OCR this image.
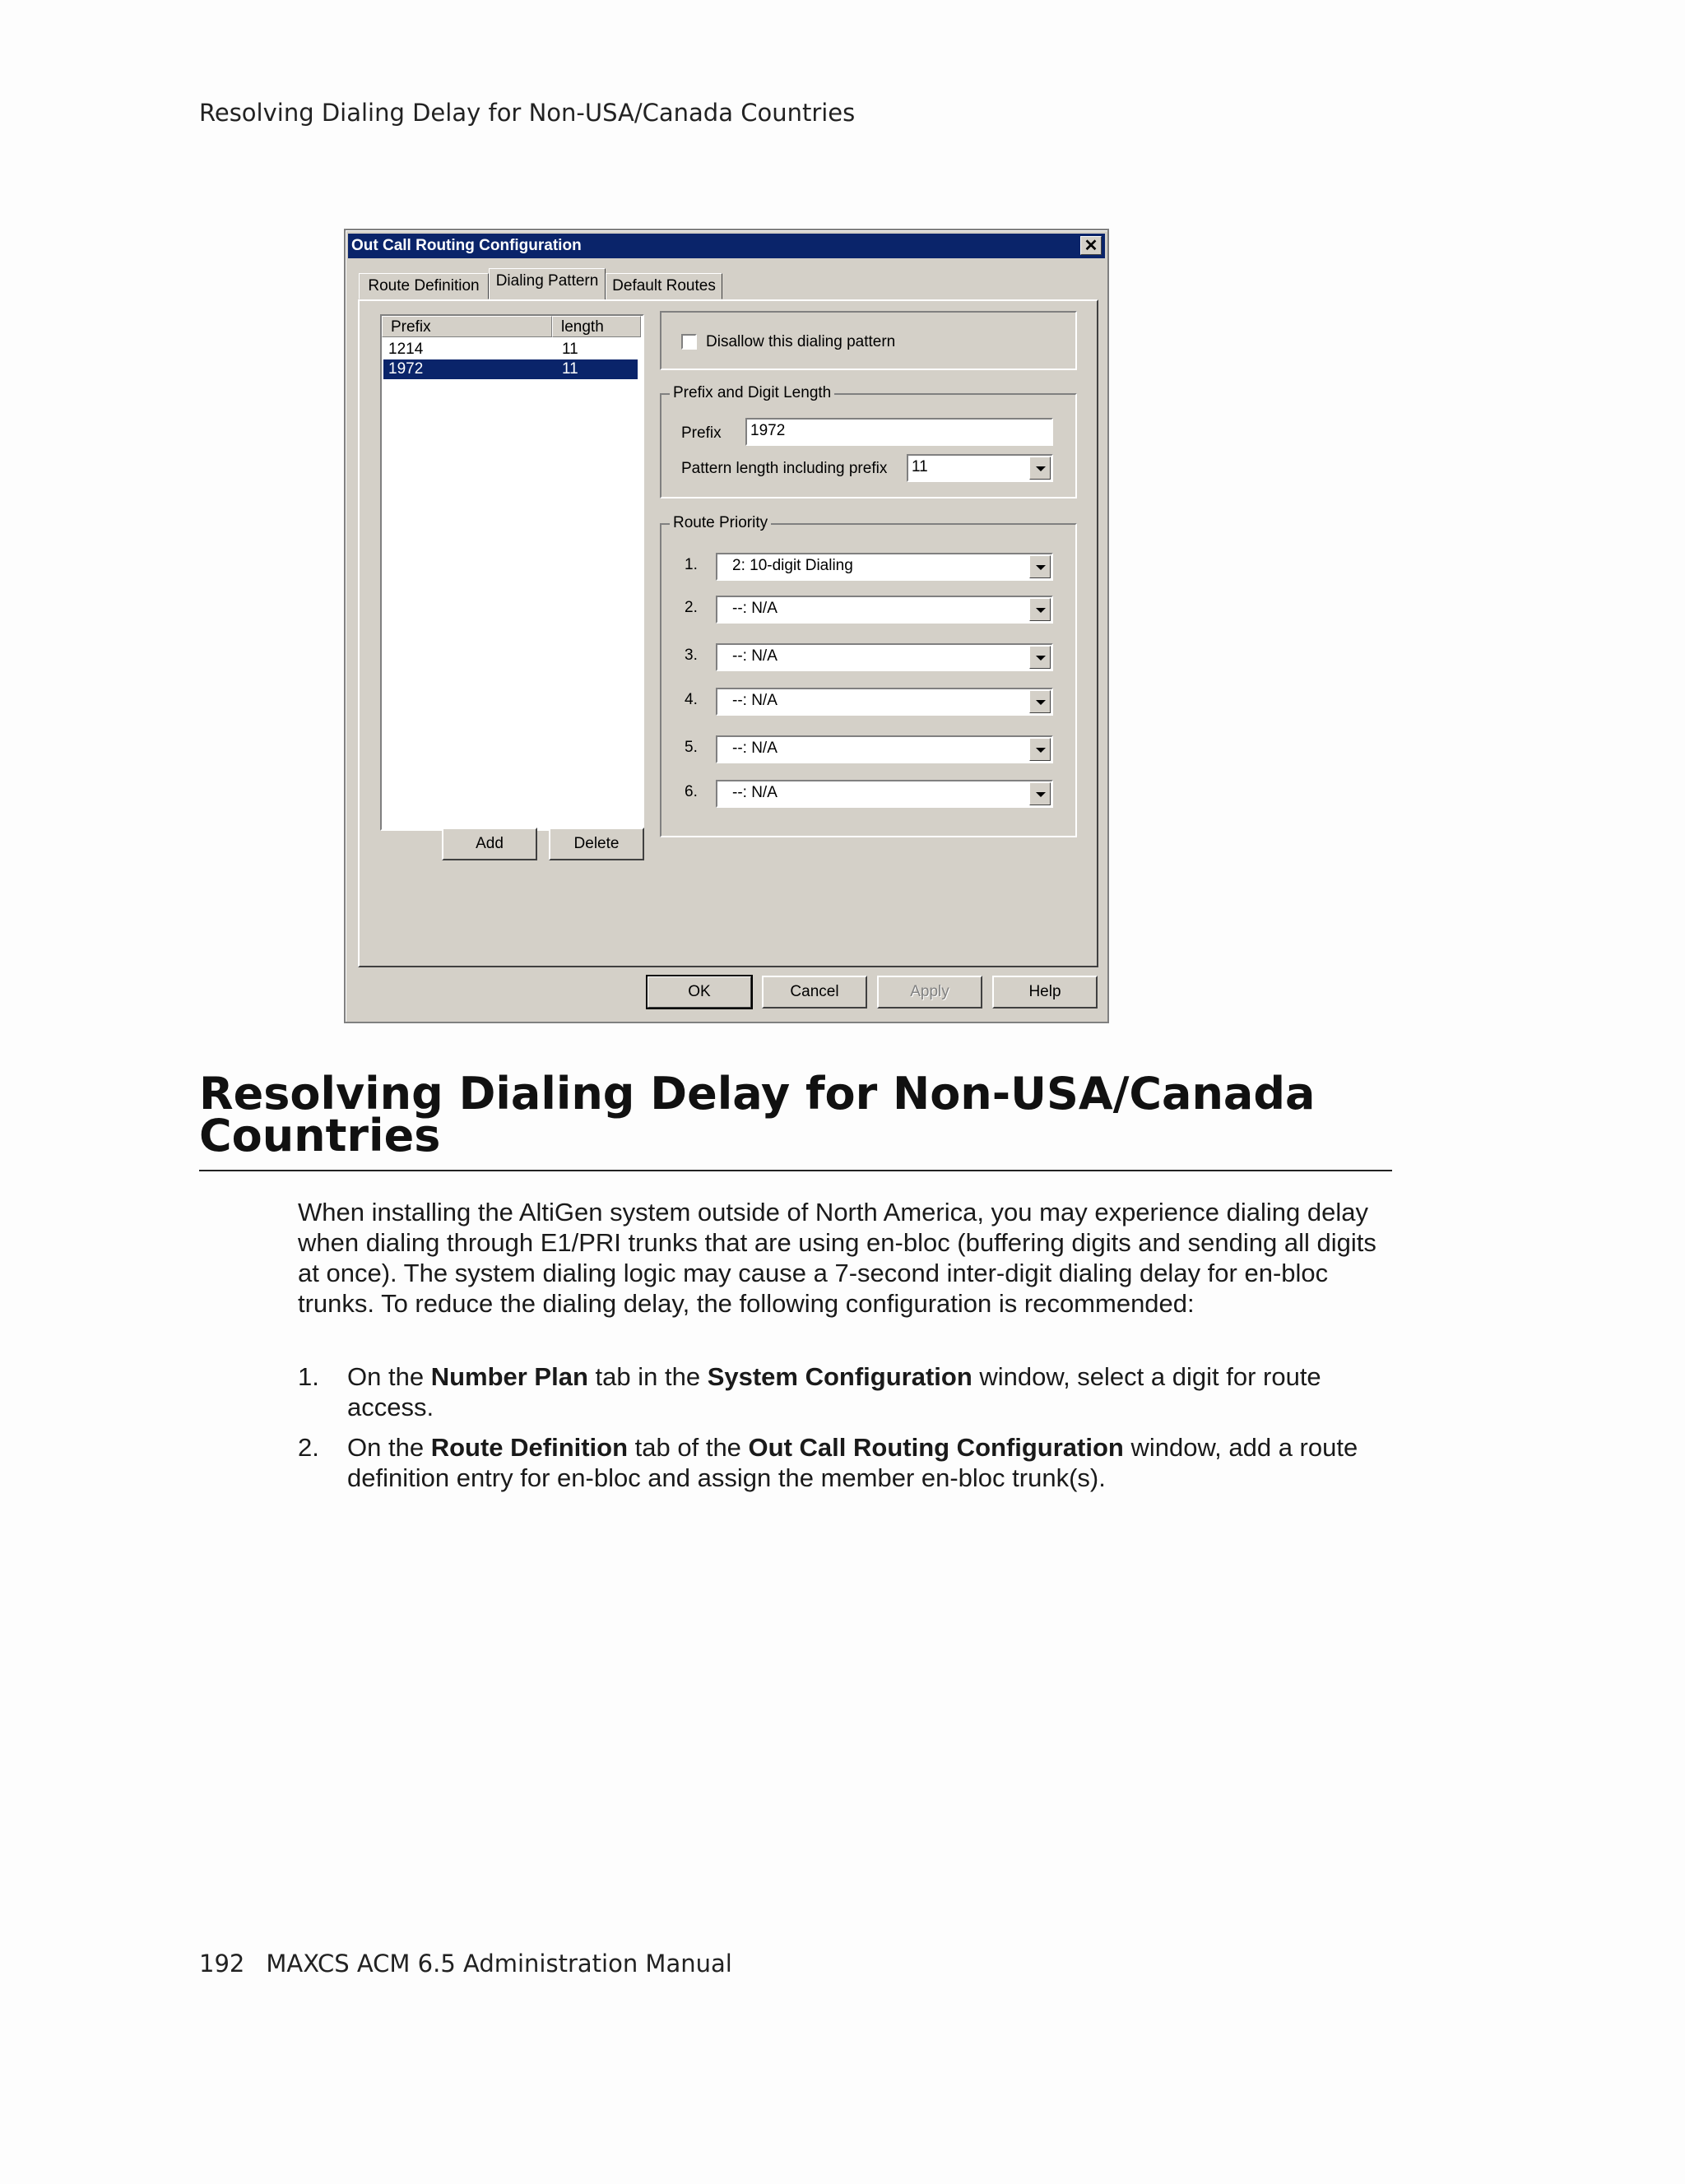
Resolving Dialing Delay for Non-USA/Canada Countries
Out Call Routing Configuration	✕
Route Definition	Dialing Pattern Default Routes
Prefix	length
1214	11
1972	11
Add	Delete
Disallow this dialing pattern
Prefix and Digit Length
Prefix	1972
Pattern length including prefix	11
Route Priority
1.	2: 10-digit Dialing
2.	--: N/A
3.	--: N/A
4.	--: N/A
5.	--: N/A
6.	--: N/A
OK	Cancel	Apply	Help
Resolving Dialing Delay for Non-USA/Canada
Countries

When installing the AltiGen system outside of North America, you may experience dialing delay when dialing through E1/PRI trunks that are using en-bloc (buffering digits and sending all digits at once). The system dialing logic may cause a 7-second inter-digit dialing delay for en-bloc trunks. To reduce the dialing delay, the following configuration is recommended:

1. On the Number Plan tab in the System Configuration window, select a digit for route access.

2. On the Route Definition tab of the Out Call Routing Configuration window, add a route definition entry for en-bloc and assign the member en-bloc trunk(s).

192 MAXCS ACM 6.5 Administration Manual
